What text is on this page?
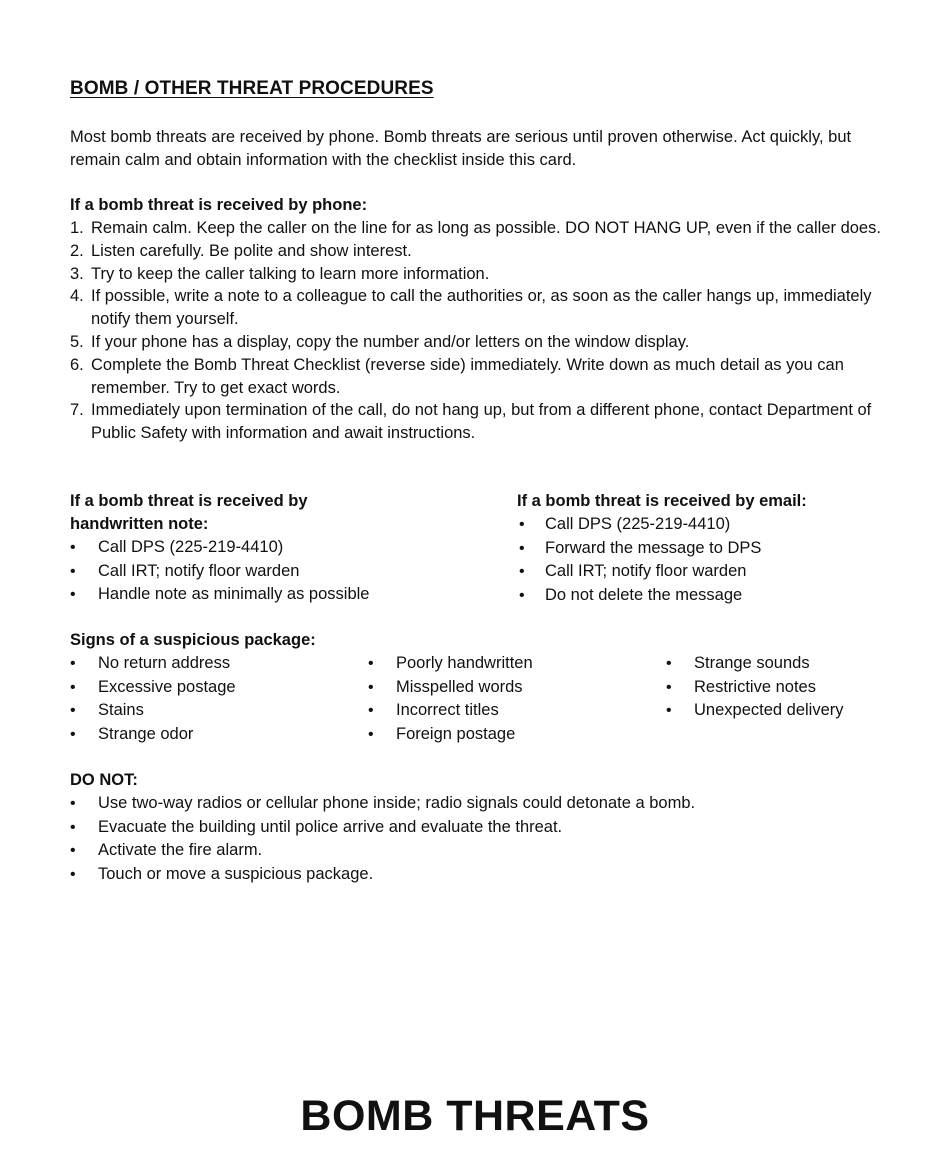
BOMB / OTHER THREAT PROCEDURES

Most bomb threats are received by phone. Bomb threats are serious until proven otherwise. Act quickly, but remain calm and obtain information with the checklist inside this card.

If a bomb threat is received by phone:

1. Remain calm. Keep the caller on the line for as long as possible. DO NOT HANG UP, even if the caller does.
2. Listen carefully. Be polite and show interest.
3. Try to keep the caller talking to learn more information.
4. If possible, write a note to a colleague to call the authorities or, as soon as the caller hangs up, immediately notify them yourself.
5. If your phone has a display, copy the number and/or letters on the window display.
6. Complete the Bomb Threat Checklist (reverse side) immediately. Write down as much detail as you can remember. Try to get exact words.
7. Immediately upon termination of the call, do not hang up, but from a different phone, contact Department of Public Safety with information and await instructions.

If a bomb threat is received by

handwritten note:

• Call DPS (225-219-4410)
• Call IRT; notify floor warden
• Handle note as minimally as possible

If a bomb threat is received by email:

• Call DPS (225-219-4410)
• Forward the message to DPS
• Call IRT; notify floor warden
• Do not delete the message

Signs of a suspicious package:

• No return address
• Excessive postage
• Stains
• Strange odor
• Poorly handwritten
• Misspelled words
• Incorrect titles
• Foreign postage
• Strange sounds
• Restrictive notes
• Unexpected delivery

DO NOT:

• Use two-way radios or cellular phone inside; radio signals could detonate a bomb.
• Evacuate the building until police arrive and evaluate the threat.
• Activate the fire alarm.
• Touch or move a suspicious package.
BOMB THREATS
